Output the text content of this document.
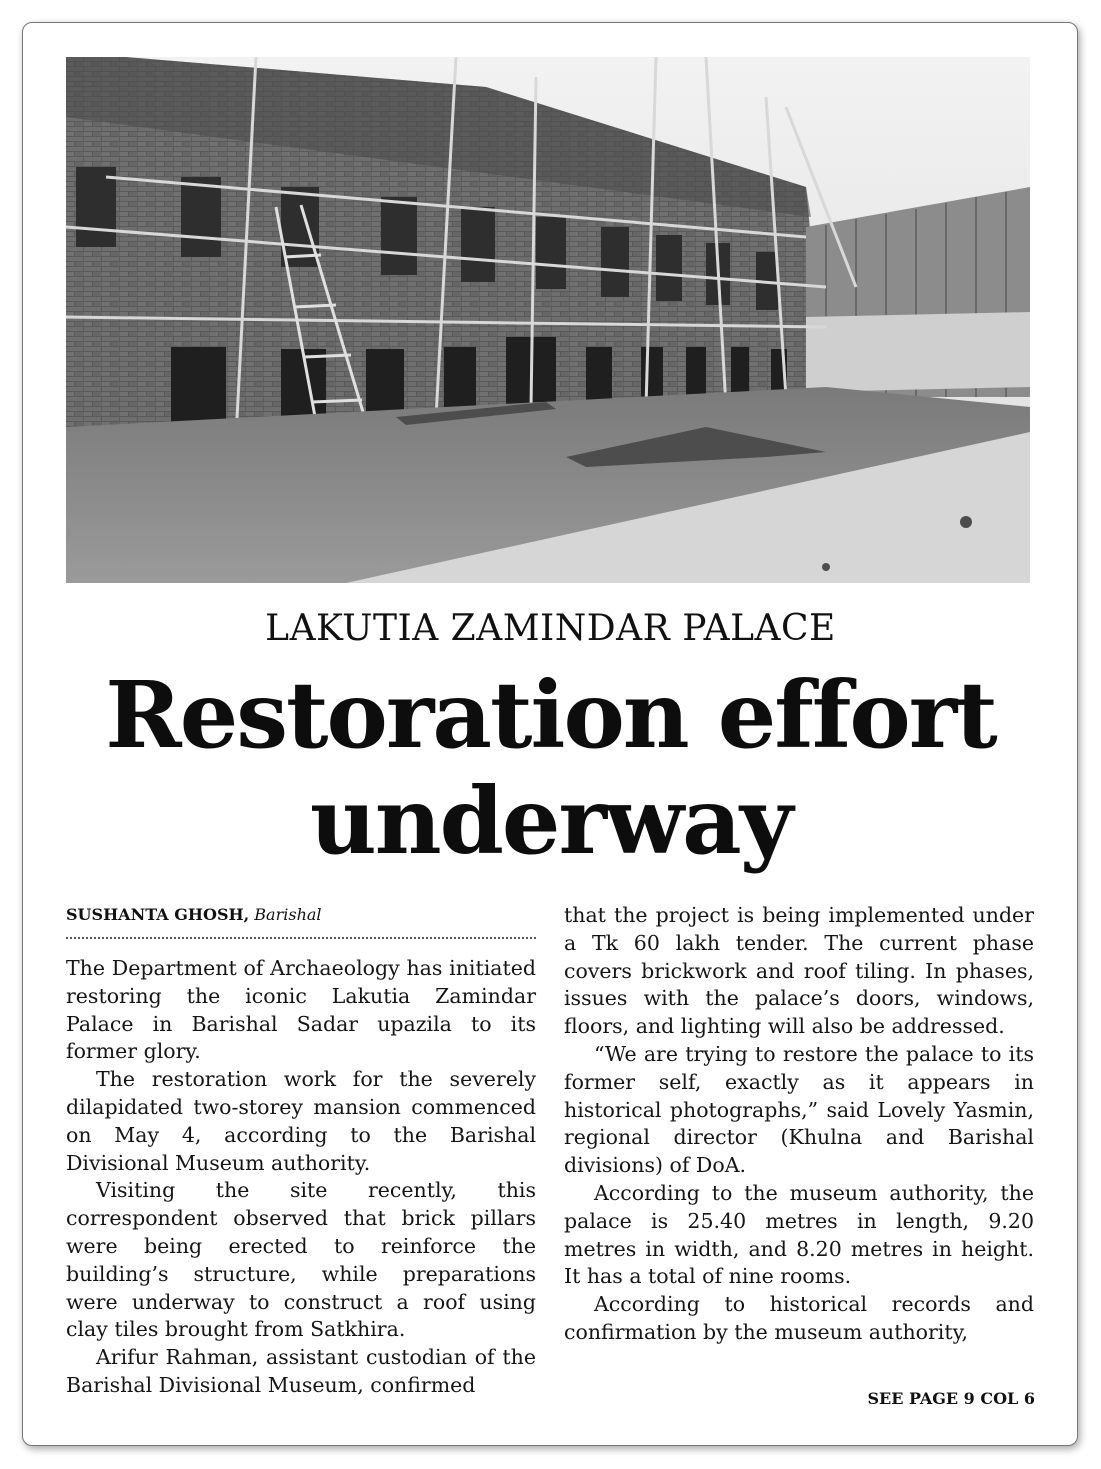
LAKUTIA ZAMINDAR PALACE
Restoration effort
underway
SUSHANTA GHOSH, Barishal

The Department of Archaeology has initiated restoring the iconic Lakutia Zamindar Palace in Barishal Sadar upazila to its former glory.

The restoration work for the severely dilapidated two-storey mansion commenced on May 4, according to the Barishal Divisional Museum authority.

Visiting the site recently, this correspondent observed that brick pillars were being erected to reinforce the building’s structure, while preparations were underway to construct a roof using clay tiles brought from Satkhira.

Arifur Rahman, assistant custodian of the Barishal Divisional Museum, confirmed

that the project is being implemented under a Tk 60 lakh tender. The current phase covers brickwork and roof tiling. In phases, issues with the palace’s doors, windows, floors, and lighting will also be addressed.

“We are trying to restore the palace to its former self, exactly as it appears in historical photographs,” said Lovely Yasmin, regional director (Khulna and Barishal divisions) of DoA.

According to the museum authority, the palace is 25.40 metres in length, 9.20 metres in width, and 8.20 metres in height. It has a total of nine rooms.

According to historical records and confirmation by the museum authority,

SEE PAGE 9 COL 6
